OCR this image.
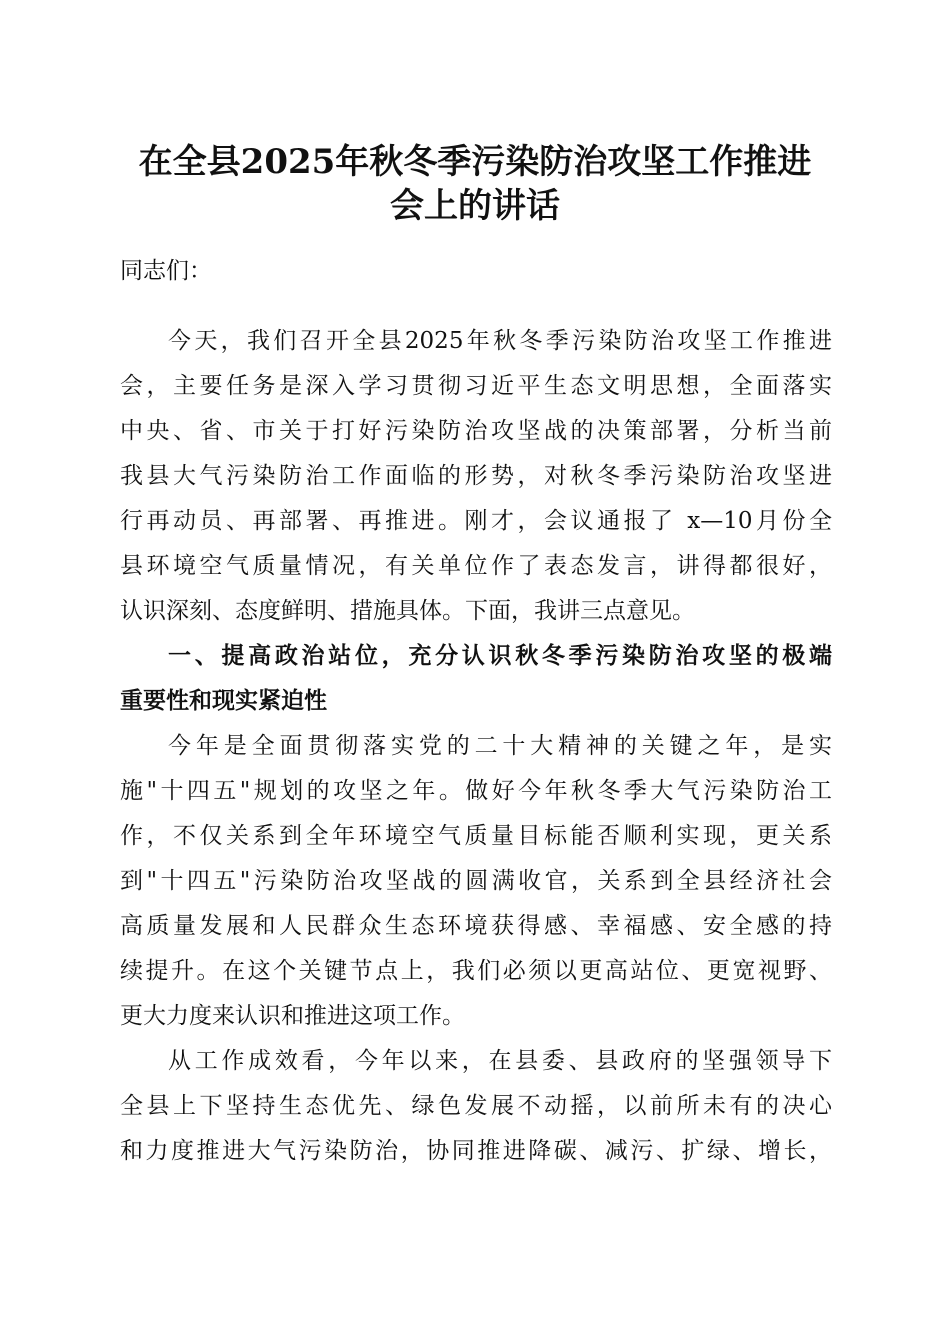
在全县2025年秋冬季污染防治攻坚工作推进
会上的讲话
同志们：
今天，我们召开全县2025年秋冬季污染防治攻坚工作推进
会，主要任务是深入学习贯彻习近平生态文明思想，全面落实
中央、省、市关于打好污染防治攻坚战的决策部署，分析当前
我县大气污染防治工作面临的形势，对秋冬季污染防治攻坚进
行再动员、再部署、再推进。刚才，会议通报了 x—10月份全
县环境空气质量情况，有关单位作了表态发言，讲得都很好，
认识深刻、态度鲜明、措施具体。下面，我讲三点意见。
一、提高政治站位，充分认识秋冬季污染防治攻坚的极端
重要性和现实紧迫性
今年是全面贯彻落实党的二十大精神的关键之年，是实
施"十四五"规划的攻坚之年。做好今年秋冬季大气污染防治工
作，不仅关系到全年环境空气质量目标能否顺利实现，更关系
到"十四五"污染防治攻坚战的圆满收官，关系到全县经济社会
高质量发展和人民群众生态环境获得感、幸福感、安全感的持
续提升。在这个关键节点上，我们必须以更高站位、更宽视野、
更大力度来认识和推进这项工作。
从工作成效看，今年以来，在县委、县政府的坚强领导下
全县上下坚持生态优先、绿色发展不动摇，以前所未有的决心
和力度推进大气污染防治，协同推进降碳、减污、扩绿、增长，
